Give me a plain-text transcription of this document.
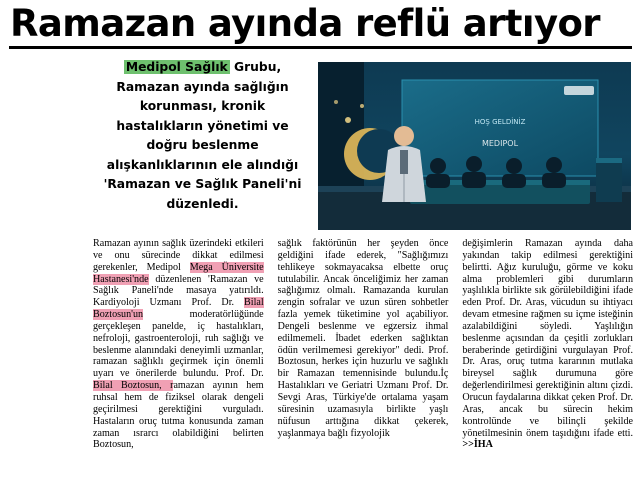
Ramazan ayında reflü artıyor
Medipol Sağlık Grubu, Ramazan ayında sağlığın korunması, kronik hastalıkların yönetimi ve doğru beslenme alışkanlıklarının ele alındığı 'Ramazan ve Sağlık Paneli'ni düzenledi.
HOŞ GELDİNİZ
MEDIPOL

Ramazan ayının sağlık üzerindeki etkileri ve onu sürecinde dikkat edilmesi gerekenler, Medipol Mega Üniversite Hastanesi'nde düzenlenen 'Ramazan ve Sağlık Paneli'nde masaya yatırıldı. Kardiyoloji Uzmanı Prof. Dr. Bilal Boztosun'un moderatörlüğünde gerçekleşen panelde, iç hastalıkları, nefroloji, gastroenteroloji, ruh sağlığı ve beslenme alanındaki deneyimli uzmanlar, ramazan sağlıklı geçirmek için önemli uyarı ve önerilerde bulundu. Prof. Dr. Bilal Boztosun, ramazan ayının hem ruhsal hem de fiziksel olarak dengeli geçirilmesi gerektiğini vurguladı. Hastaların oruç tutma konusunda zaman zaman ısrarcı olabildiğini belirten Boztosun,

sağlık faktörünün her şeyden önce geldiğini ifade ederek, "Sağlığımızı tehlikeye sokmayacaksa elbette oruç tutulabilir. Ancak önceliğimiz her zaman sağlığımız olmalı. Ramazanda kurulan zengin sofralar ve uzun süren sohbetler fazla yemek tüketimine yol açabiliyor. Dengeli beslenme ve egzersiz ihmal edilmemeli. İbadet ederken sağlıktan ödün verilmemesi gerekiyor" dedi. Prof. Boztosun, herkes için huzurlu ve sağlıklı bir Ramazan temennisinde bulundu.İç Hastalıkları ve Geriatri Uzmanı Prof. Dr. Sevgi Aras, Türkiye'de ortalama yaşam süresinin uzamasıyla birlikte yaşlı nüfusun arttığına dikkat çekerek, yaşlanmaya bağlı fizyolojik

değişimlerin Ramazan ayında daha yakından takip edilmesi gerektiğini belirtti. Ağız kuruluğu, görme ve koku alma problemleri gibi durumların yaşlılıkla birlikte sık görülebildiğini ifade eden Prof. Dr. Aras, vücudun su ihtiyacı devam etmesine rağmen su içme isteğinin azalabildiğini söyledi. Yaşlılığın beslenme açısından da çeşitli zorlukları beraberinde getirdiğini vurgulayan Prof. Dr. Aras, oruç tutma kararının mutlaka bireysel sağlık durumuna göre değerlendirilmesi gerektiğinin altını çizdi. Orucun faydalarına dikkat çeken Prof. Dr. Aras, ancak bu sürecin hekim kontrolünde ve bilinçli şekilde yönetilmesinin önem taşıdığını ifade etti. >>İHA
